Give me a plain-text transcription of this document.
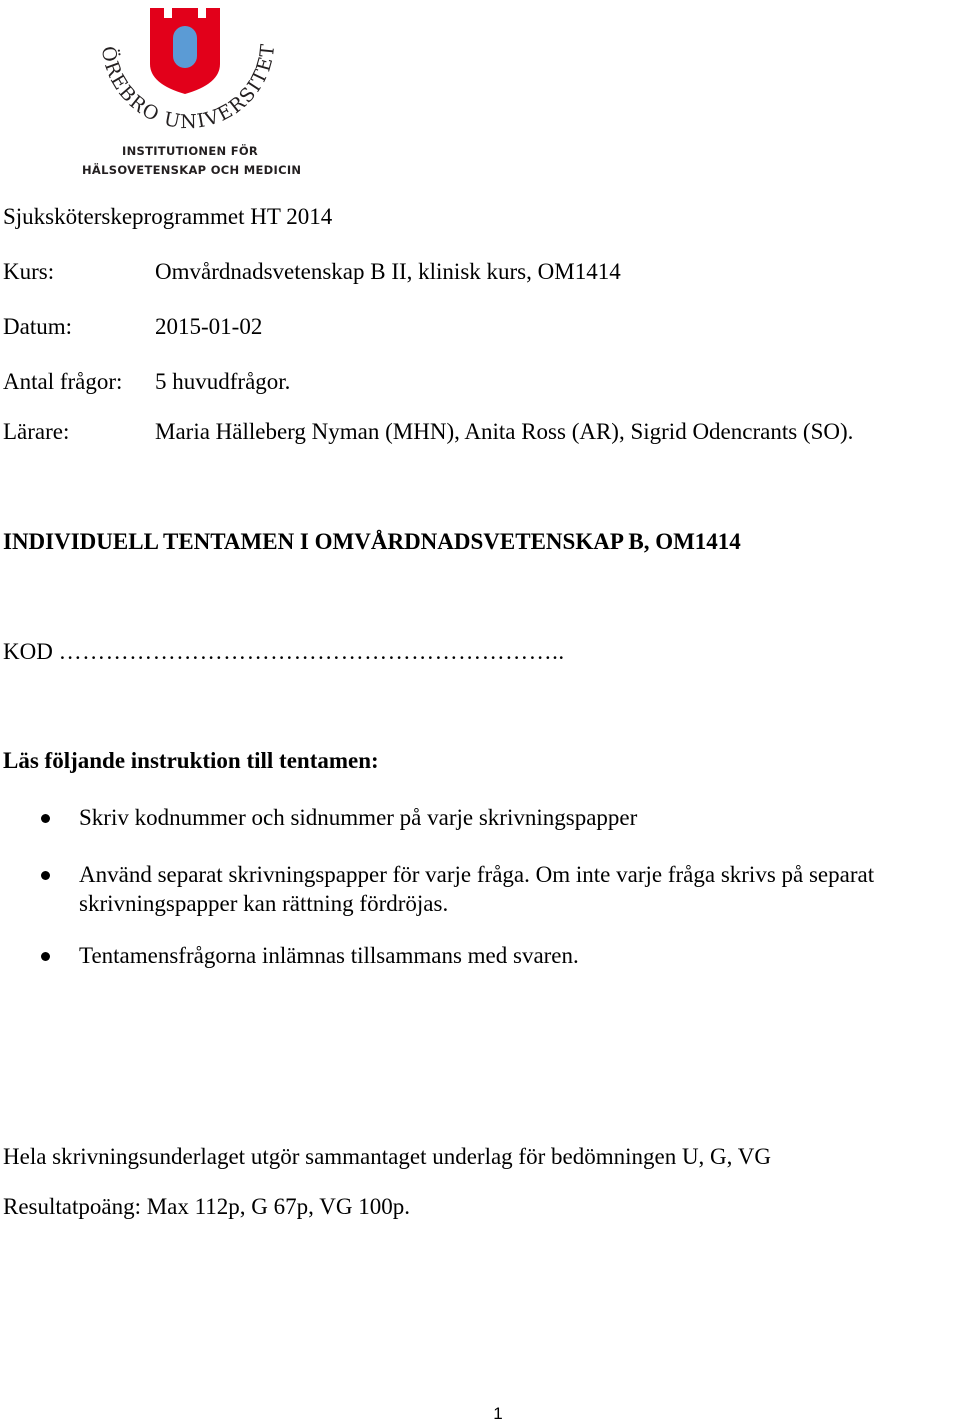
ÖREBRO UNIVERSITET
INSTITUTIONEN FÖR
HÄLSOVETENSKAP OCH MEDICIN
Sjuksköterskeprogrammet HT 2014
Kurs:	Omvårdnadsvetenskap B II, klinisk kurs, OM1414
Datum:	2015-01-02
Antal frågor: 5 huvudfrågor.
Lärare:	Maria Hälleberg Nyman (MHN), Anita Ross (AR), Sigrid Odencrants (SO).
INDIVIDUELL TENTAMEN I OMVÅRDNADSVETENSKAP B, OM1414
KOD ………………………………………………………..
Läs följande instruktion till tentamen:
Skriv kodnummer och sidnummer på varje skrivningspapper
Använd separat skrivningspapper för varje fråga. Om inte varje fråga skrivs på separat skrivningspapper kan rättning fördröjas.
Tentamensfrågorna inlämnas tillsammans med svaren.
Hela skrivningsunderlaget utgör sammantaget underlag för bedömningen U, G, VG
Resultatpoäng: Max 112p, G 67p, VG 100p.
1
